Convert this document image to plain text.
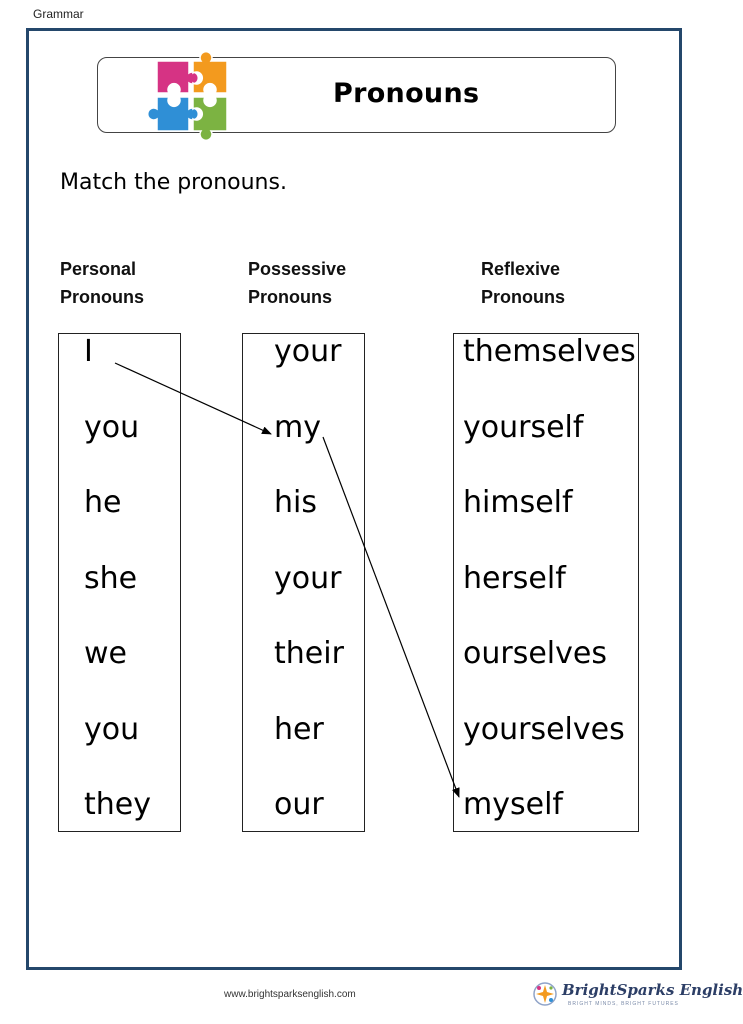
Grammar
Pronouns
Match the pronouns.
Personal
Pronouns
Possessive
Pronouns
Reflexive
Pronouns
I
you
he
she
we
you
they
your
my
his
your
their
her
our
themselves
yourself
himself
herself
ourselves
yourselves
myself
www.brightsparksenglish.com	BrightSparks English
BRIGHT MINDS, BRIGHT FUTURES
